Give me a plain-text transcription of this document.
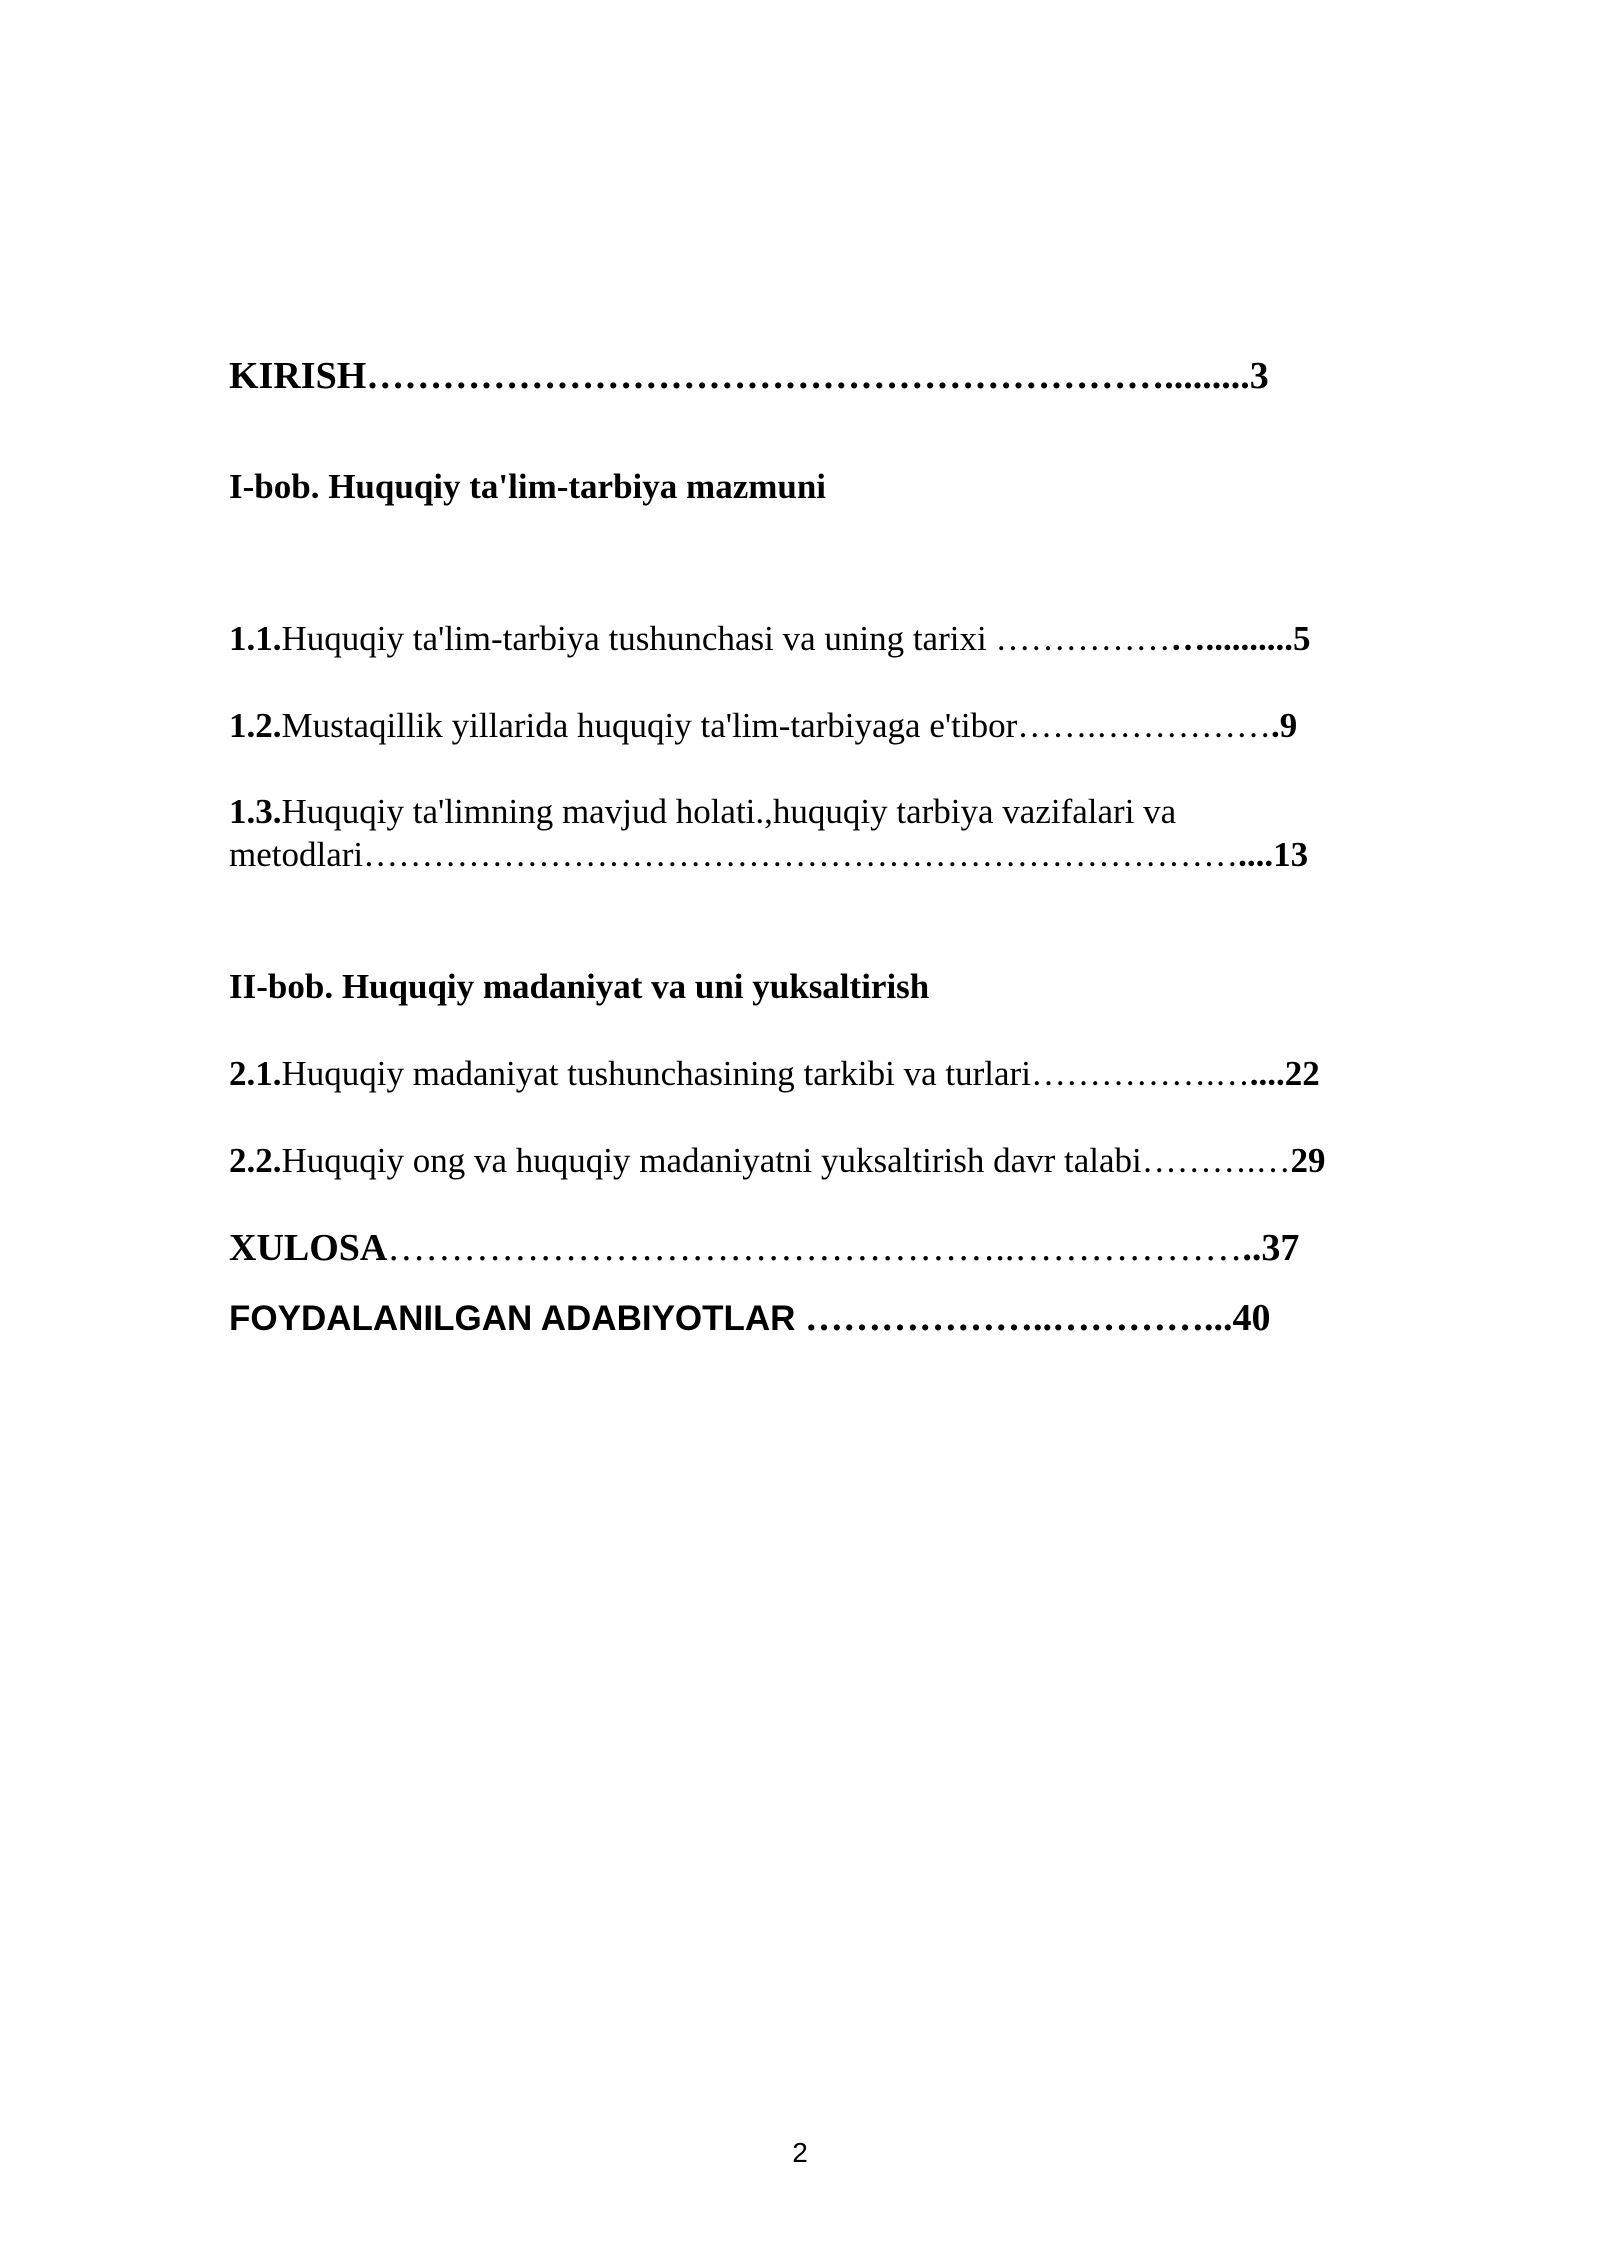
KIRISH……………………………………………………….........3
I-bob. Huquqiy ta'lim-tarbiya mazmuni
1.1.Huquqiy ta'lim-tarbiya tushunchasi va uning tarixi ………………..........5
1.2.Mustaqillik yillarida huquqiy ta'lim-tarbiyaga e'tibor…….…………….9
1.3.Huquqiy ta'limning mavjud holati.,huquqiy tarbiya vazifalari va
metodlari…………………………………………………………………....13
II-bob. Huquqiy madaniyat va uni yuksaltirish
2.1.Huquqiy madaniyat tushunchasining tarkibi va turlari…………….…....22
2.2.Huquqiy ong va huquqiy madaniyatni yuksaltirish davr talabi……….…29
XULOSA…………………………………………..………………..37
FOYDALANILGAN ADABIYOTLAR ………………..…………...40
2
